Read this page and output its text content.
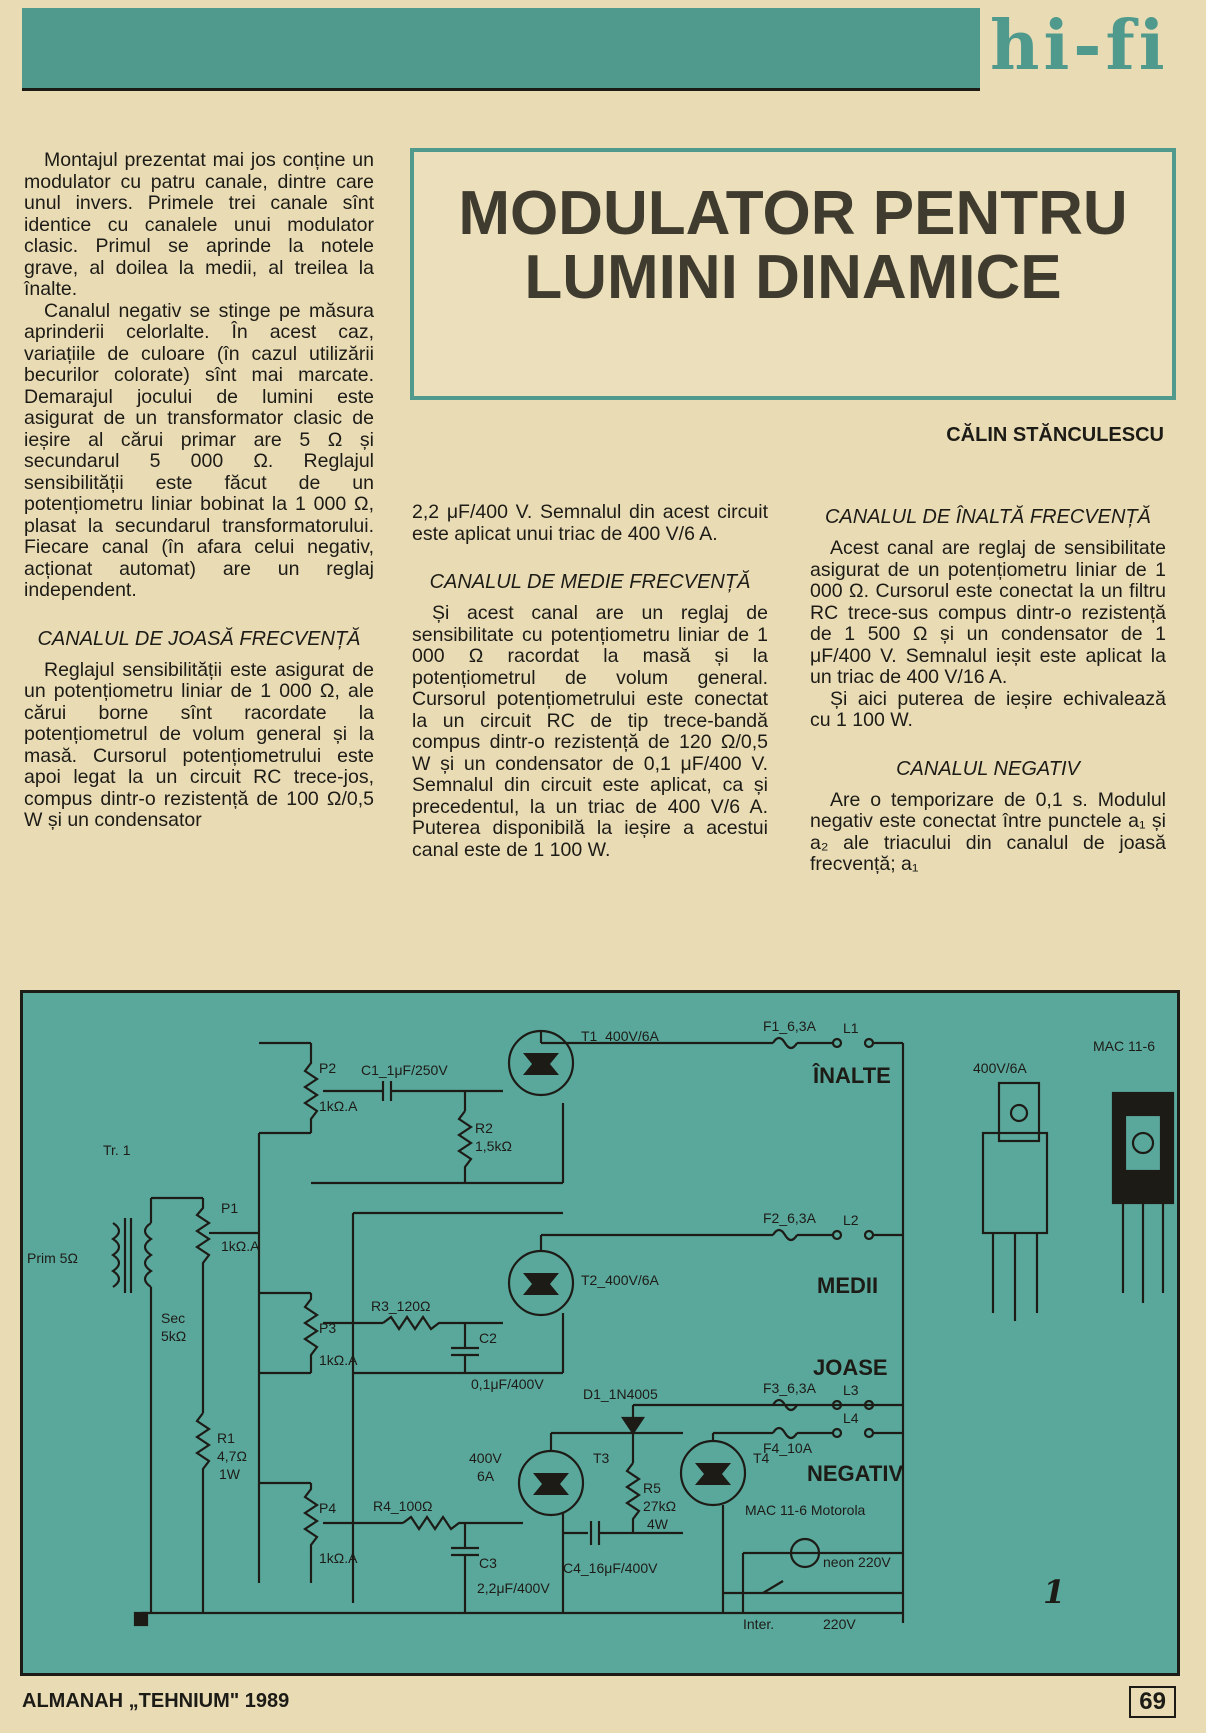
hi-fi

Montajul prezentat mai jos conține un modulator cu patru canale, dintre care unul invers. Primele trei canale sînt identice cu canalele unui modulator clasic. Primul se aprinde la notele grave, al doilea la medii, al treilea la înalte.

Canalul negativ se stinge pe măsura aprinderii celorlalte. În acest caz, variațiile de culoare (în cazul utilizării becurilor colorate) sînt mai marcate. Demarajul jocului de lumini este asigurat de un transformator clasic de ieșire al cărui primar are 5 Ω și secundarul 5 000 Ω. Reglajul sensibilității este făcut de un potențiometru liniar bobinat la 1 000 Ω, plasat la secundarul transformatorului. Fiecare canal (în afara celui negativ, acționat automat) are un reglaj independent.

CANALUL DE JOASĂ FRECVENȚĂ

Reglajul sensibilității este asigurat de un potențiometru liniar de 1 000 Ω, ale cărui borne sînt racordate la potențiometrul de volum general și la masă. Cursorul potențiometrului este apoi legat la un circuit RC trece-jos, compus dintr-o rezistență de 100 Ω/0,5 W și un condensator

MODULATOR PENTRU LUMINI DINAMICE
CĂLIN STĂNCULESCU

2,2 μF/400 V. Semnalul din acest circuit este aplicat unui triac de 400 V/6 A.

CANALUL DE MEDIE FRECVENȚĂ

Și acest canal are un reglaj de sensibilitate cu potențiometru liniar de 1 000 Ω racordat la masă și la potențiometrul de volum general. Cursorul potențiometrului este conectat la un circuit RC de tip trece-bandă compus dintr-o rezistență de 120 Ω/0,5 W și un condensator de 0,1 μF/400 V. Semnalul din circuit este aplicat, ca și precedentul, la un triac de 400 V/6 A. Puterea disponibilă la ieșire a acestui canal este de 1 100 W.

CANALUL DE ÎNALTĂ FRECVENȚĂ

Acest canal are reglaj de sensibilitate asigurat de un potențiometru liniar de 1 000 Ω. Cursorul este conectat la un filtru RC trece-sus compus dintr-o rezistență de 1 500 Ω și un condensator de 1 μF/400 V. Semnalul ieșit este aplicat la un triac de 400 V/16 A.

Și aici puterea de ieșire echivalează cu 1 100 W.

CANALUL NEGATIV

Are o temporizare de 0,1 s. Modulul negativ este conectat între punctele a₁ și a₂ ale triacului din canalul de joasă frecvență; a₁

Tr. 1
Prim 5Ω
Sec
5kΩ
P1
1kΩ.A
P2
1kΩ.A
C1_1μF/250V
R2
1,5kΩ
P3
1kΩ.A
R3_120Ω
C2
0,1μF/400V
T1_400V/6A
T2_400V/6A
F1_6,3A
F2_6,3A
D1_1N4005	F3_6,3A
F4_10A
L1
L2
L3
L4
400V
6A
T3
R5
27kΩ
4W
T4
MAC 11-6 Motorola
R1
4,7Ω
1W
P4
1kΩ.A
R4_100Ω
C3
2,2μF/400V
C4_16μF/400V	neon 220V
Inter.	220V
400V/6A
MAC 11-6
ÎNALTE
MEDII
JOASE
NEGATIV
1
ALMANAH „TEHNIUM" 1989	69
